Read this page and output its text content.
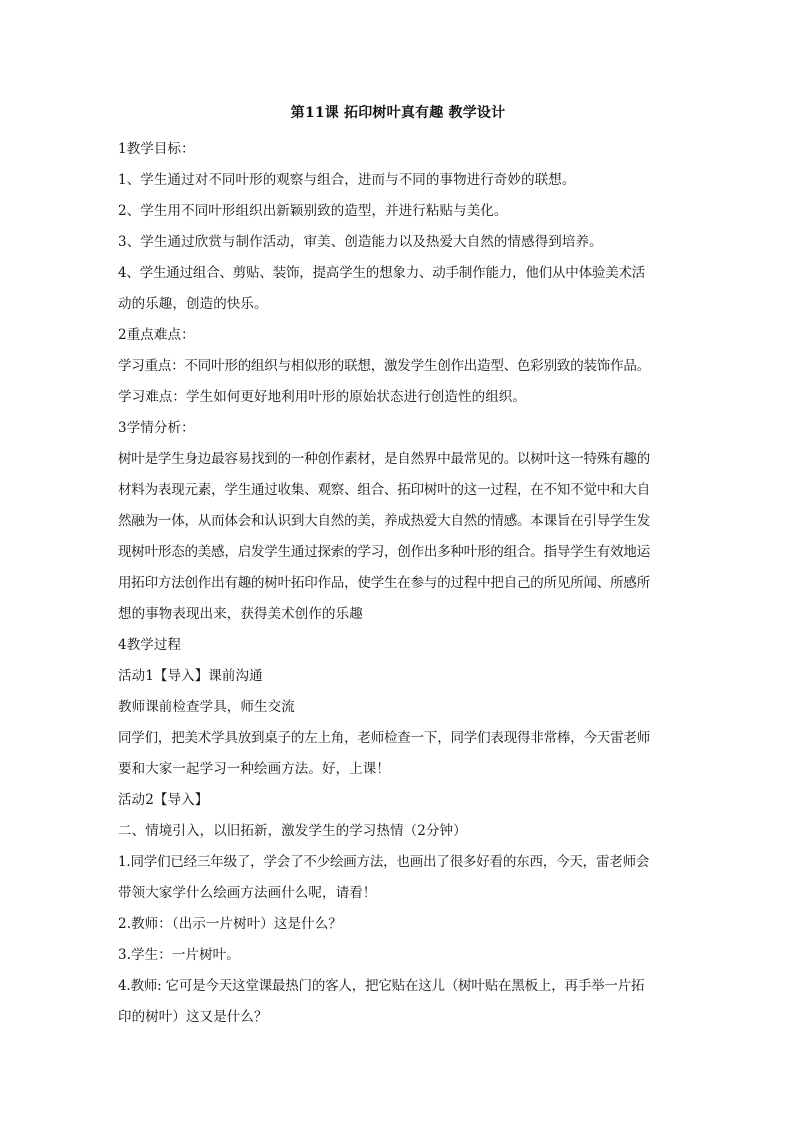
第11课 拓印树叶真有趣 教学设计
1教学目标：
1、学生通过对不同叶形的观察与组合，进而与不同的事物进行奇妙的联想。
2、学生用不同叶形组织出新颖别致的造型，并进行粘贴与美化。
3、学生通过欣赏与制作活动，审美、创造能力以及热爱大自然的情感得到培养。
4、学生通过组合、剪贴、装饰，提高学生的想象力、动手制作能力，他们从中体验美术活
动的乐趣，创造的快乐。
2重点难点：
学习重点：不同叶形的组织与相似形的联想，激发学生创作出造型、色彩别致的装饰作品。
学习难点：学生如何更好地利用叶形的原始状态进行创造性的组织。
3学情分析：
树叶是学生身边最容易找到的一种创作素材，是自然界中最常见的。以树叶这一特殊有趣的
材料为表现元素，学生通过收集、观察、组合、拓印树叶的这一过程，在不知不觉中和大自
然融为一体，从而体会和认识到大自然的美，养成热爱大自然的情感。本课旨在引导学生发
现树叶形态的美感，启发学生通过探索的学习，创作出多种叶形的组合。指导学生有效地运
用拓印方法创作出有趣的树叶拓印作品，使学生在参与的过程中把自己的所见所闻、所感所
想的事物表现出来，获得美术创作的乐趣
4教学过程
活动1【导入】课前沟通
教师课前检查学具，师生交流
同学们，把美术学具放到桌子的左上角，老师检查一下，同学们表现得非常棒，今天雷老师
要和大家一起学习一种绘画方法。好，上课！
活动2【导入】
二、情境引入，以旧拓新，激发学生的学习热情（2分钟）
1.同学们已经三年级了，学会了不少绘画方法，也画出了很多好看的东西，今天，雷老师会
带领大家学什么绘画方法画什么呢，请看！
2.教师：（出示一片树叶）这是什么？
3.学生：一片树叶。
4.教师: 它可是今天这堂课最热门的客人，把它贴在这儿（树叶贴在黑板上，再手举一片拓
印的树叶）这又是什么？
